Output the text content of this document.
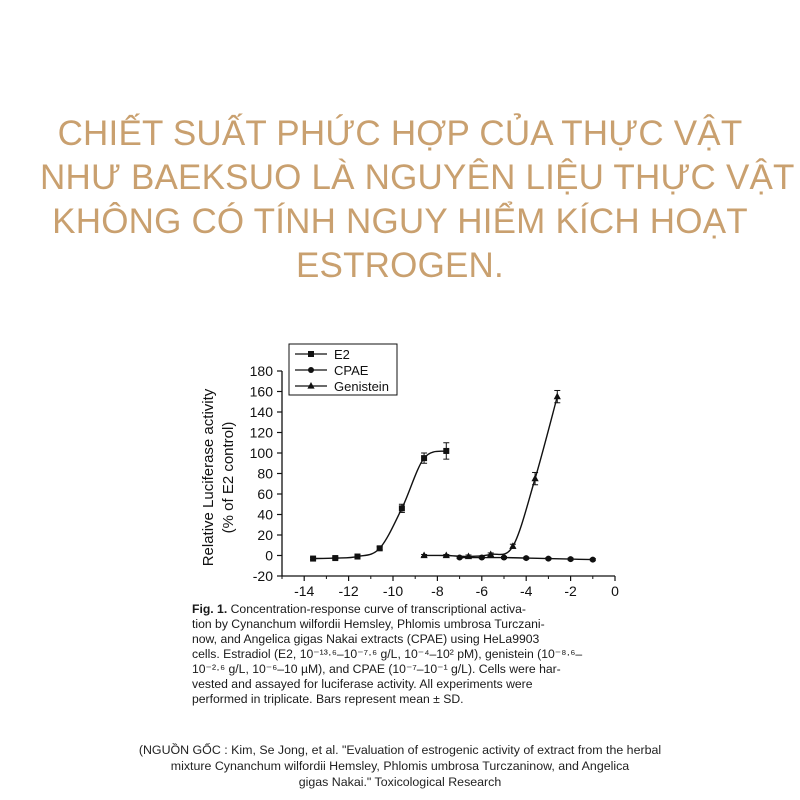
CHIẾT SUẤT PHỨC HỢP CỦA THỰC VẬT
NHƯ BAEKSUO LÀ NGUYÊN LIỆU THỰC VẬT
KHÔNG CÓ TÍNH NGUY HIỂM KÍCH HOẠT
ESTROGEN.
-14 -12 -10 -8 -6 -4 -2 0
-20
0
20
40
60
80
100
120
140
160
180
Relative Luciferase activity (% of E2 control)
E2
CPAE
Genistein
Fig. 1. Concentration-response curve of transcriptional activa-
tion by Cynanchum wilfordii Hemsley, Phlomis umbrosa Turczani-
now, and Angelica gigas Nakai extracts (CPAE) using HeLa9903
cells. Estradiol (E2, 10⁻¹³·⁶–10⁻⁷·⁶ g/L, 10⁻⁴–10² pM), genistein (10⁻⁸·⁶–
10⁻²·⁶ g/L, 10⁻⁶–10 µM), and CPAE (10⁻⁷–10⁻¹ g/L). Cells were har-
vested and assayed for luciferase activity. All experiments were
performed in triplicate. Bars represent mean ± SD.
(NGUỒN GỐC : Kim, Se Jong, et al. "Evaluation of estrogenic activity of extract from the herbal
mixture Cynanchum wilfordii Hemsley, Phlomis umbrosa Turczaninow, and Angelica
gigas Nakai." Toxicological Research
